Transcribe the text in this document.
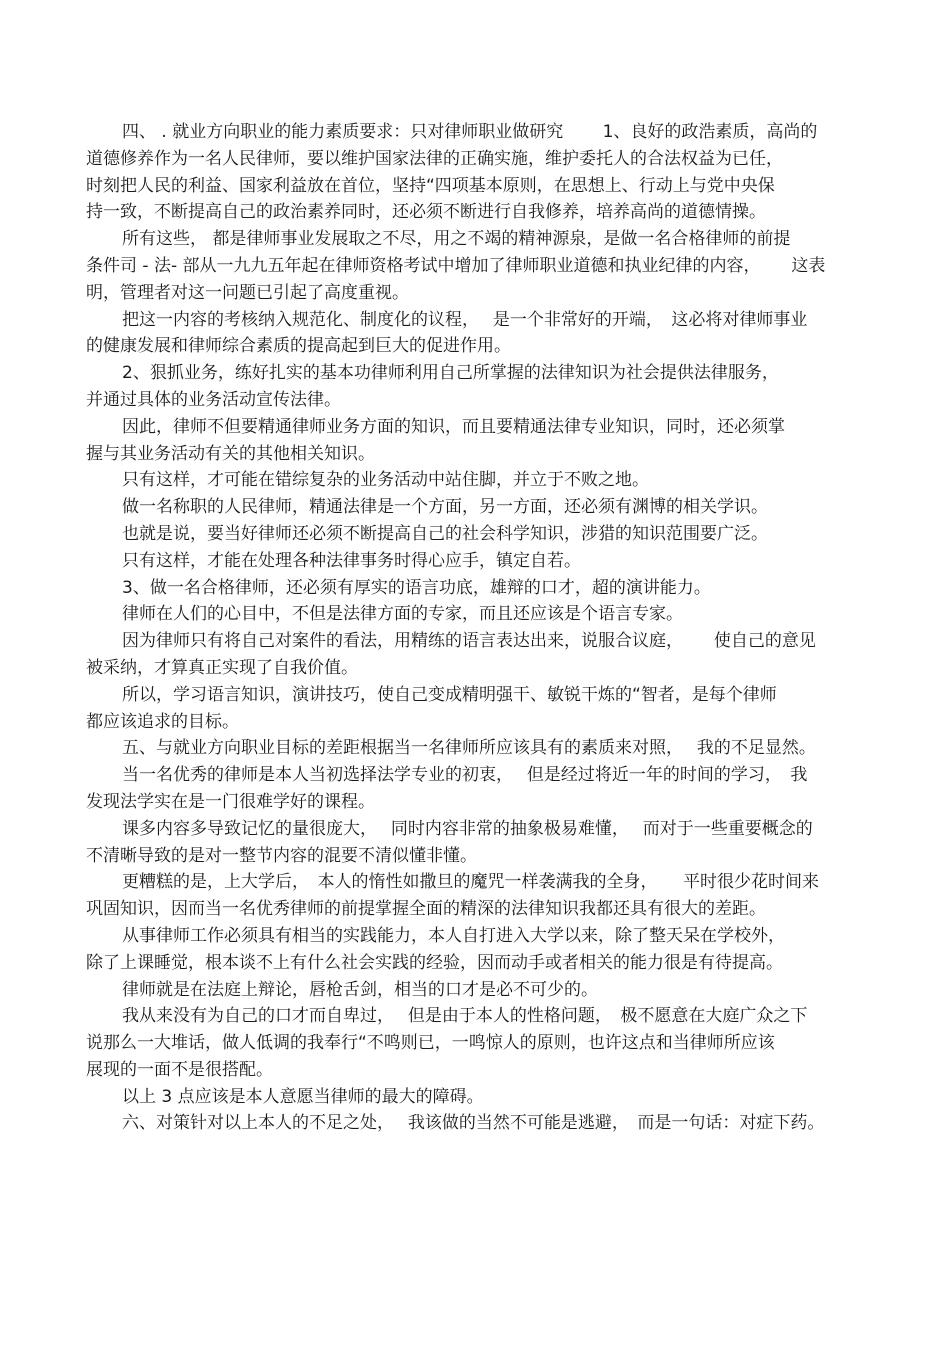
四、 . 就业方向职业的能力素质要求：只对律师职业做研究　　 1、良好的政浩素质，高尚的
道德修养作为一名人民律师，要以维护国家法律的正确实施，维护委托人的合法权益为已任，
时刻把人民的利益、国家利益放在首位，坚持“四项基本原则，在思想上、行动上与党中央保
持一致，不断提高自己的政治素养同时，还必须不断进行自我修养，培养高尚的道德情操。
所有这些， 都是律师事业发展取之不尽，用之不竭的精神源泉，是做一名合格律师的前提
条件司 - 法- 部从一九九五年起在律师资格考试中增加了律师职业道德和执业纪律的内容，　　 这表
明，管理者对这一问题已引起了高度重视。
把这一内容的考核纳入规范化、制度化的议程，　 是一个非常好的开端，　这必将对律师事业
的健康发展和律师综合素质的提高起到巨大的促进作用。
2、狠抓业务，练好扎实的基本功律师利用自己所掌握的法律知识为社会提供法律服务，
并通过具体的业务活动宣传法律。
因此，律师不但要精通律师业务方面的知识，而且要精通法律专业知识，同时，还必须掌
握与其业务活动有关的其他相关知识。
只有这样，才可能在错综复杂的业务活动中站住脚，并立于不败之地。
做一名称职的人民律师，精通法律是一个方面，另一方面，还必须有渊博的相关学识。
也就是说，要当好律师还必须不断提高自己的社会科学知识，涉猎的知识范围要广泛。
只有这样，才能在处理各种法律事务时得心应手，镇定自若。
3、做一名合格律师，还必须有厚实的语言功底，雄辩的口才，超的演讲能力。
律师在人们的心目中，不但是法律方面的专家，而且还应该是个语言专家。
因为律师只有将自己对案件的看法，用精练的语言表达出来，说服合议庭，　　 使自己的意见
被采纳，才算真正实现了自我价值。
所以，学习语言知识，演讲技巧，使自己变成精明强干、敏锐干炼的“智者，是每个律师
都应该追求的目标。
五、与就业方向职业目标的差距根据当一名律师所应该具有的素质来对照，　 我的不足显然。
当一名优秀的律师是本人当初选择法学专业的初衷，　 但是经过将近一年的时间的学习，　我
发现法学实在是一门很难学好的课程。
课多内容多导致记忆的量很庞大，　 同时内容非常的抽象极易难懂，　 而对于一些重要概念的
不清晰导致的是对一整节内容的混要不清似懂非懂。
更糟糕的是，上大学后，　本人的惰性如撒旦的魔咒一样袭满我的全身，　　平时很少花时间来
巩固知识，因而当一名优秀律师的前提掌握全面的精深的法律知识我都还具有很大的差距。
从事律师工作必须具有相当的实践能力，本人自打进入大学以来，除了整天呆在学校外，
除了上课睡觉，根本谈不上有什么社会实践的经验，因而动手或者相关的能力很是有待提高。
律师就是在法庭上辩论，唇枪舌剑，相当的口才是必不可少的。
我从来没有为自己的口才而自卑过，　 但是由于本人的性格问题，　极不愿意在大庭广众之下
说那么一大堆话，做人低调的我奉行“不鸣则已，一鸣惊人的原则，也许这点和当律师所应该
展现的一面不是很搭配。
以上 3 点应该是本人意愿当律师的最大的障碍。
六、对策针对以上本人的不足之处，　 我该做的当然不可能是逃避，　而是一句话：对症下药。
